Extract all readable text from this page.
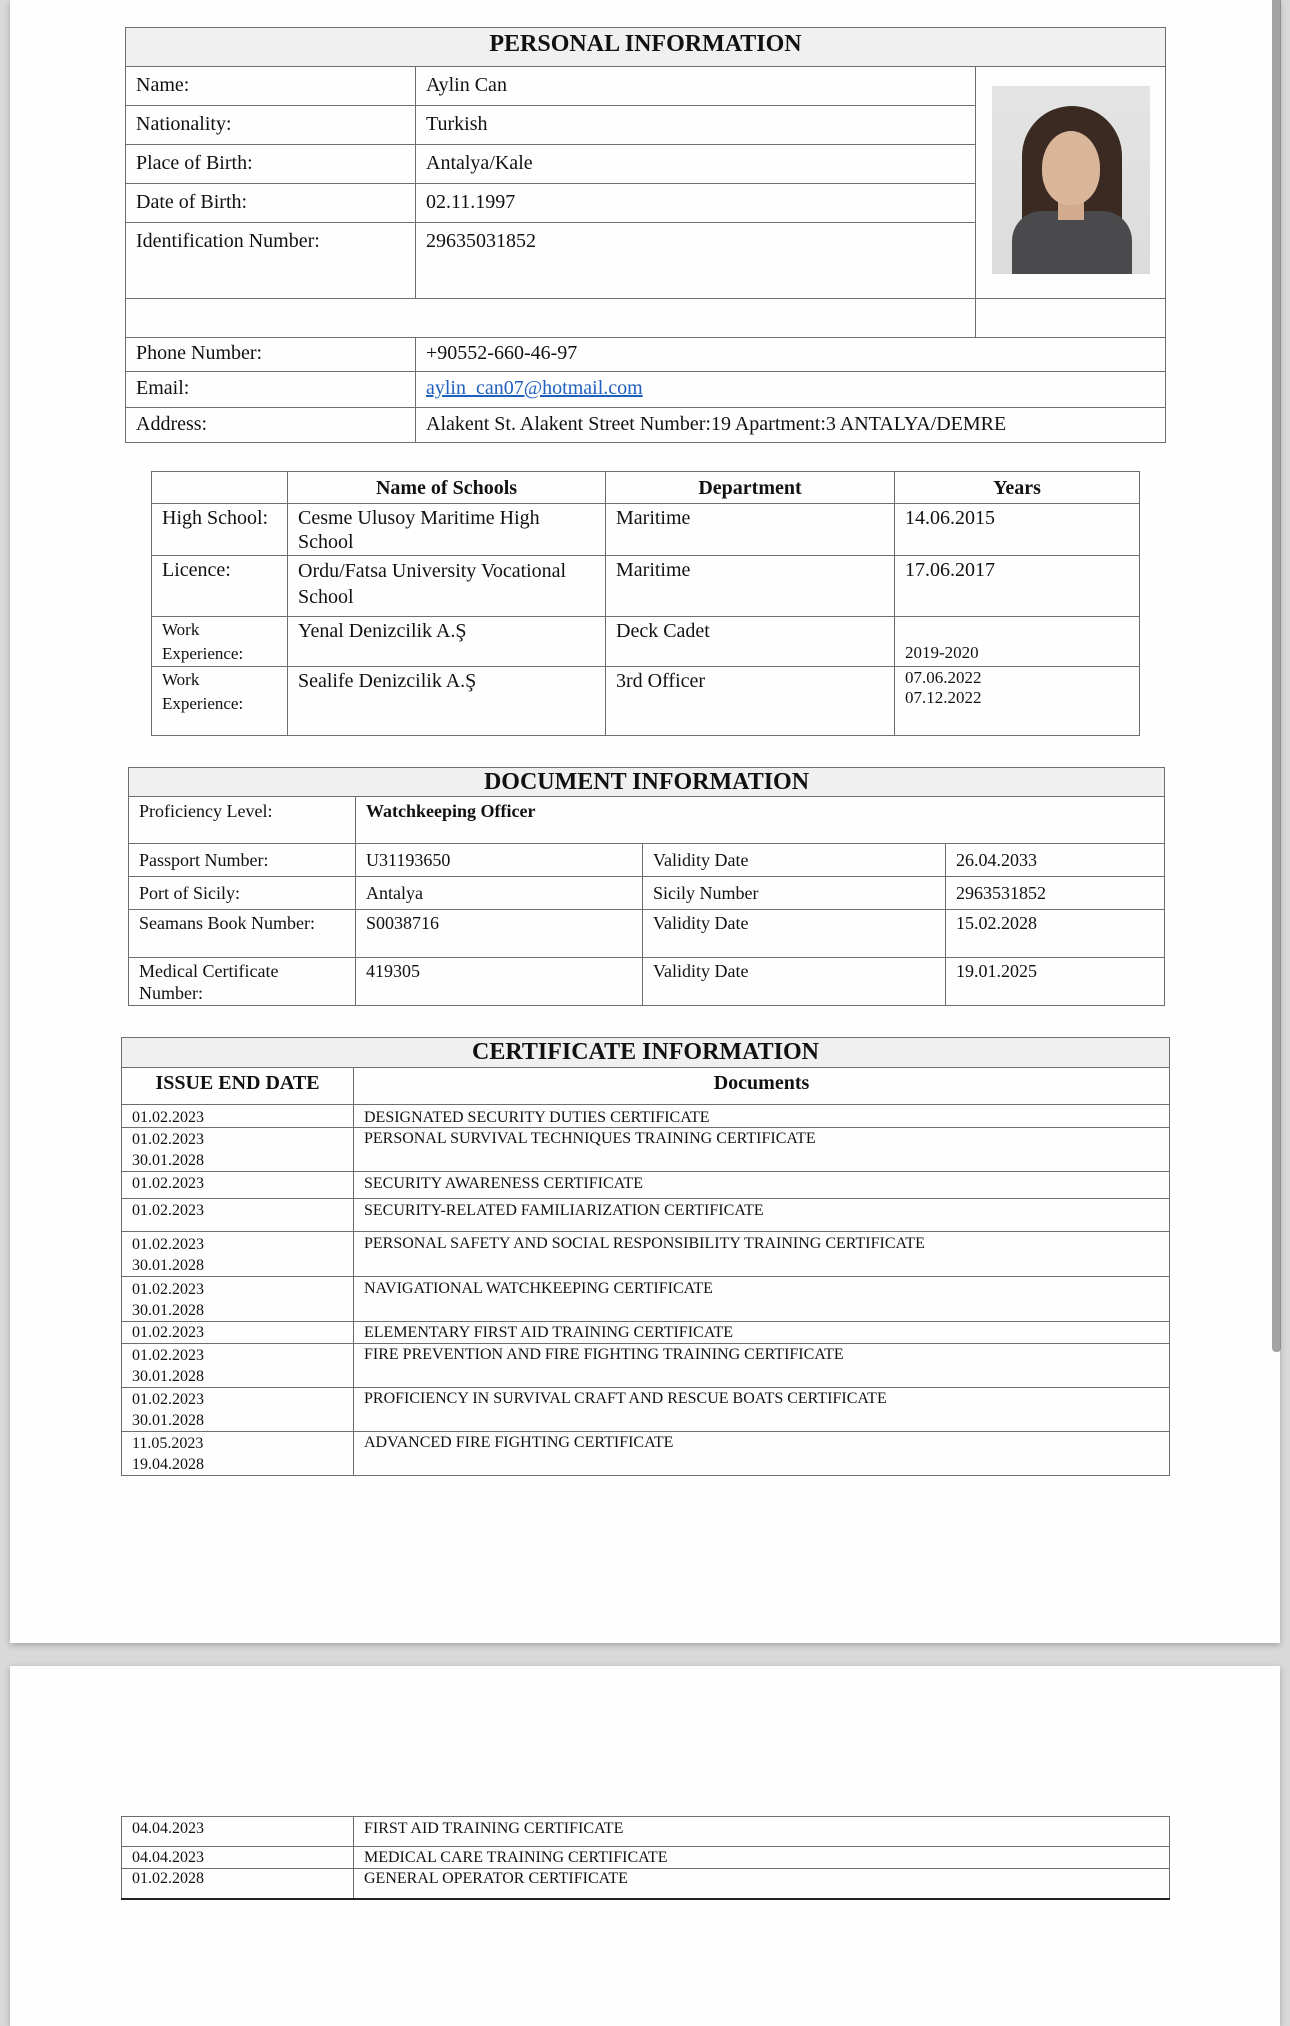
PERSONAL INFORMATION		
Name:	Aylin Can	

Nationality:	Turkish	
Place of Birth:	Antalya/Kale	
Date of Birth:	02.11.1997	
Identification Number:	29635031852	

Phone Number:	+90552-660-46-97	
Email:	aylin_can07@hotmail.com	
Address:	Alakent St. Alakent Street Number:19 Apartment:3 ANTALYA/DEMRE	
	Name of Schools	Department	Years
High School:	Cesme Ulusoy Maritime High School	Maritime	14.06.2015
Licence:	Ordu/Fatsa University Vocational School	Maritime	17.06.2017
Work Experience:	Yenal Denizcilik A.Ş	Deck Cadet	2019-2020
Work Experience:	Sealife Denizcilik A.Ş	3rd Officer	07.06.2022
07.12.2022
DOCUMENT INFORMATION			
Proficiency Level:	Watchkeeping Officer		
Passport Number:	U31193650	Validity Date	26.04.2033
Port of Sicily:	Antalya	Sicily Number	2963531852
Seamans Book Number:	S0038716	Validity Date	15.02.2028
Medical Certificate Number:	419305	Validity Date	19.01.2025
CERTIFICATE INFORMATION	
ISSUE END DATE	Documents

01.02.2023	DESIGNATED SECURITY DUTIES CERTIFICATE

01.02.2023
30.01.2028	PERSONAL SURVIVAL TECHNIQUES TRAINING CERTIFICATE

01.02.2023	SECURITY AWARENESS CERTIFICATE

01.02.2023	SECURITY-RELATED FAMILIARIZATION CERTIFICATE

01.02.2023
30.01.2028	PERSONAL SAFETY AND SOCIAL RESPONSIBILITY TRAINING CERTIFICATE

01.02.2023
30.01.2028	NAVIGATIONAL WATCHKEEPING CERTIFICATE

01.02.2023	ELEMENTARY FIRST AID TRAINING CERTIFICATE

01.02.2023
30.01.2028	FIRE PREVENTION AND FIRE FIGHTING TRAINING CERTIFICATE

01.02.2023
30.01.2028	PROFICIENCY IN SURVIVAL CRAFT AND RESCUE BOATS CERTIFICATE

11.05.2023
19.04.2028	ADVANCED FIRE FIGHTING CERTIFICATE
04.04.2023	FIRST AID TRAINING CERTIFICATE
04.04.2023	MEDICAL CARE TRAINING CERTIFICATE
01.02.2028	GENERAL OPERATOR CERTIFICATE
